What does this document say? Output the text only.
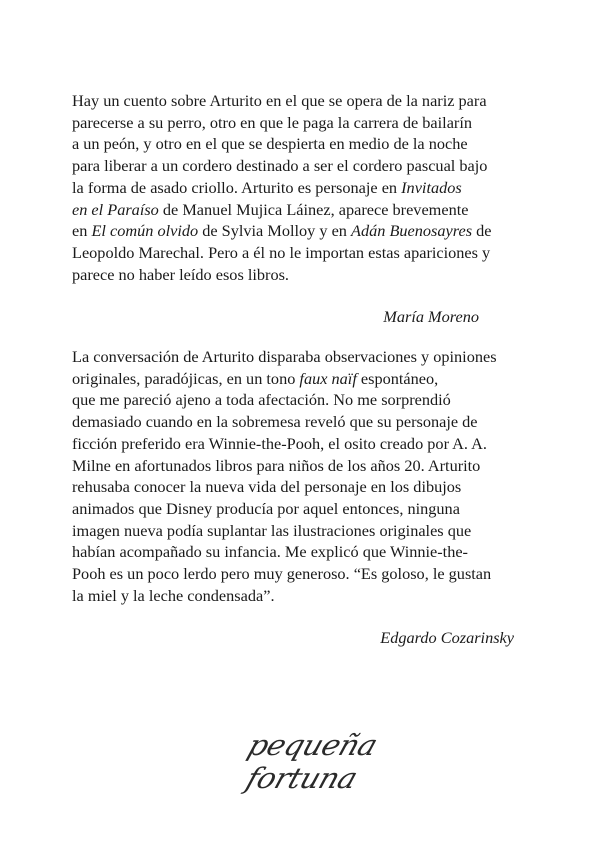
Hay un cuento sobre Arturito en el que se opera de la nariz para
parecerse a su perro, otro en que le paga la carrera de bailarín
a un peón, y otro en el que se despierta en medio de la noche
para liberar a un cordero destinado a ser el cordero pascual bajo
la forma de asado criollo. Arturito es personaje en Invitados
en el Paraíso de Manuel Mujica Láinez, aparece brevemente
en El común olvido de Sylvia Molloy y en Adán Buenosayres de
Leopoldo Marechal. Pero a él no le importan estas apariciones y
parece no haber leído esos libros.

María Moreno

La conversación de Arturito disparaba observaciones y opiniones
originales, paradójicas, en un tono faux naïf espontáneo,
que me pareció ajeno a toda afectación. No me sorprendió
demasiado cuando en la sobremesa reveló que su personaje de
ficción preferido era Winnie-the-Pooh, el osito creado por A. A.
Milne en afortunados libros para niños de los años 20. Arturito
rehusaba conocer la nueva vida del personaje en los dibujos
animados que Disney producía por aquel entonces, ninguna
imagen nueva podía suplantar las ilustraciones originales que
habían acompañado su infancia. Me explicó que Winnie-the-
Pooh es un poco lerdo pero muy generoso. “Es goloso, le gustan
la miel y la leche condensada”.

Edgardo Cozarinsky
pequeña fortuna
